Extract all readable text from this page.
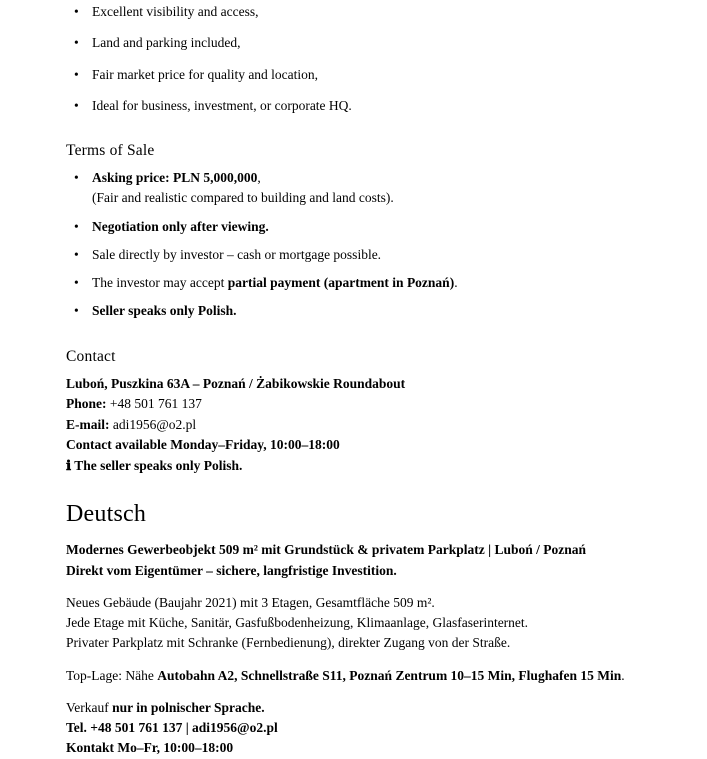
• Excellent visibility and access,
• Land and parking included,
• Fair market price for quality and location,
• Ideal for business, investment, or corporate HQ.
Terms of Sale
• Asking price: PLN 5,000,000,
(Fair and realistic compared to building and land costs).
• Negotiation only after viewing.
• Sale directly by investor – cash or mortgage possible.
• The investor may accept partial payment (apartment in Poznań).
• Seller speaks only Polish.
Contact
Luboń, Puszkina 63A – Poznań / Żabikowskie Roundabout
Phone: +48 501 761 137
E-mail: adi1956@o2.pl
Contact available Monday–Friday, 10:00–18:00
ℹ The seller speaks only Polish.
Deutsch

Modernes Gewerbeobjekt 509 m² mit Grundstück & privatem Parkplatz | Luboń / Poznań
Direkt vom Eigentümer – sichere, langfristige Investition.

Neues Gebäude (Baujahr 2021) mit 3 Etagen, Gesamtfläche 509 m².
Jede Etage mit Küche, Sanitär, Gasfußbodenheizung, Klimaanlage, Glasfaserinternet.
Privater Parkplatz mit Schranke (Fernbedienung), direkter Zugang von der Straße.

Top-Lage: Nähe Autobahn A2, Schnellstraße S11, Poznań Zentrum 10–15 Min, Flughafen 15 Min.

Verkauf nur in polnischer Sprache.

Tel. +48 501 761 137 | adi1956@o2.pl

Kontakt Mo–Fr, 10:00–18:00
